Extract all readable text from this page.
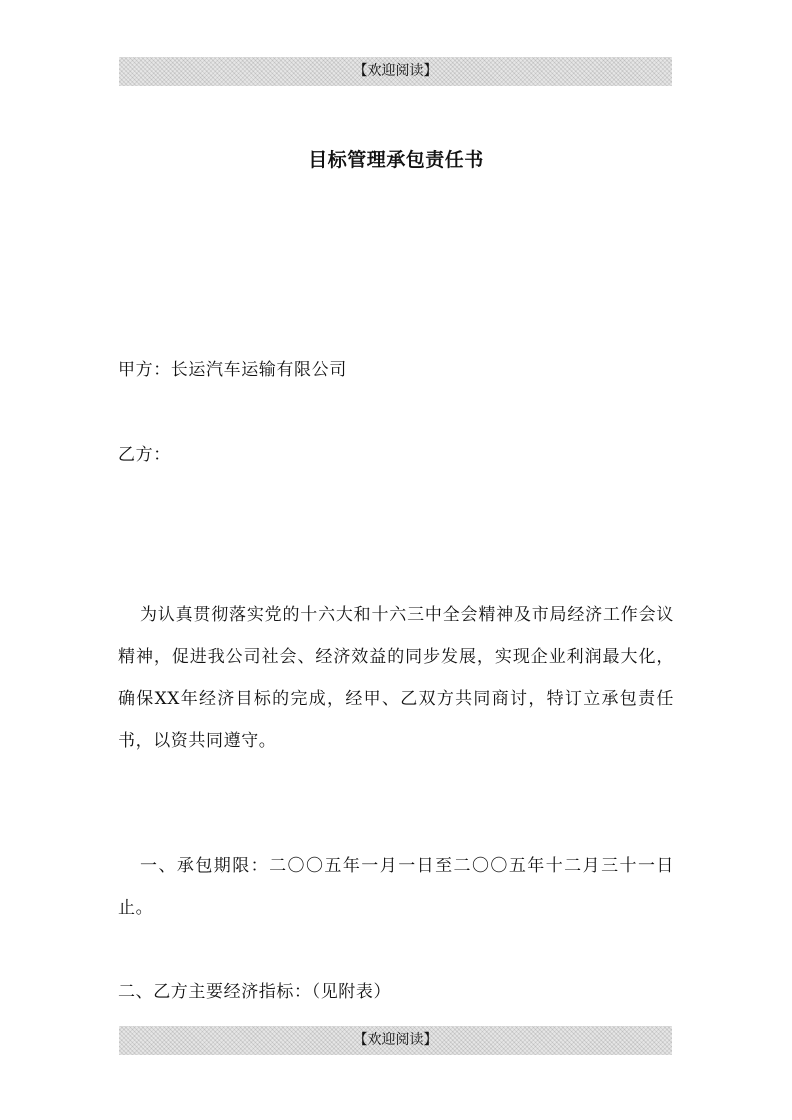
【欢迎阅读】
目标管理承包责任书
甲方：长运汽车运输有限公司
乙方：
为认真贯彻落实党的十六大和十六三中全会精神及市局经济工作会议精神，促进我公司社会、经济效益的同步发展，实现企业利润最大化，确保XX年经济目标的完成，经甲、乙双方共同商讨，特订立承包责任书，以资共同遵守。
一、承包期限：二〇〇五年一月一日至二〇〇五年十二月三十一日止。
二、乙方主要经济指标：（见附表）
【欢迎阅读】
